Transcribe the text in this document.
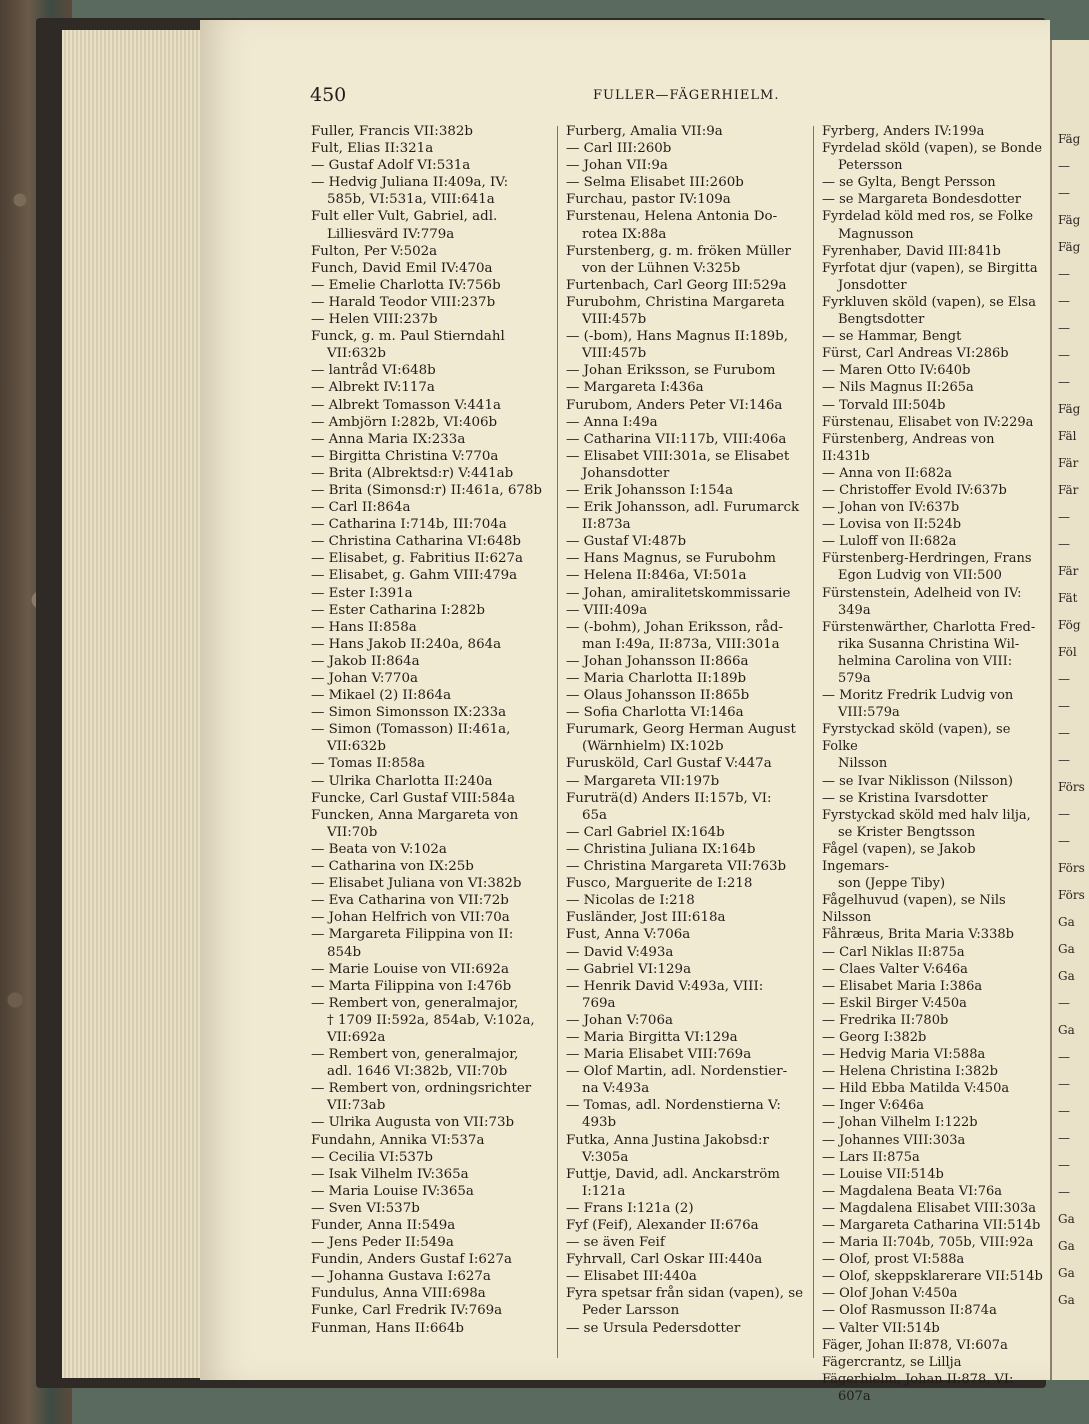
Fäg
—
—
Fäg
Fäg
—
—
—
—
—
Fäg
Fäl
Fär
Fär
—
—
Fär
Fät
Fög
Föl
—
—
—
—
Förs
—
—
Förs
Förs
Ga
Ga
Ga
—
Ga
—
—
—
—
—
—
Ga
Ga
Ga
Ga
450	FULLER—FÄGERHIELM.
Fuller, Francis VII:382b
Fult, Elias II:321a
— Gustaf Adolf VI:531a
— Hedvig Juliana II:409a, IV:
585b, VI:531a, VIII:641a
Fult eller Vult, Gabriel, adl.
Lilliesvärd IV:779a
Fulton, Per V:502a
Funch, David Emil IV:470a
— Emelie Charlotta IV:756b
— Harald Teodor VIII:237b
— Helen VIII:237b
Funck, g. m. Paul Stierndahl
VII:632b
— lantråd VI:648b
— Albrekt IV:117a
— Albrekt Tomasson V:441a
— Ambjörn I:282b, VI:406b
— Anna Maria IX:233a
— Birgitta Christina V:770a
— Brita (Albrektsd:r) V:441ab
— Brita (Simonsd:r) II:461a, 678b
— Carl II:864a
— Catharina I:714b, III:704a
— Christina Catharina VI:648b
— Elisabet, g. Fabritius II:627a
— Elisabet, g. Gahm VIII:479a
— Ester I:391a
— Ester Catharina I:282b
— Hans II:858a
— Hans Jakob II:240a, 864a
— Jakob II:864a
— Johan V:770a
— Mikael (2) II:864a
— Simon Simonsson IX:233a
— Simon (Tomasson) II:461a,
VII:632b
— Tomas II:858a
— Ulrika Charlotta II:240a
Funcke, Carl Gustaf VIII:584a
Funcken, Anna Margareta von
VII:70b
— Beata von V:102a
— Catharina von IX:25b
— Elisabet Juliana von VI:382b
— Eva Catharina von VII:72b
— Johan Helfrich von VII:70a
— Margareta Filippina von II:
854b
— Marie Louise von VII:692a
— Marta Filippina von I:476b
— Rembert von, generalmajor,
† 1709 II:592a, 854ab, V:102a,
VII:692a
— Rembert von, generalmajor,
adl. 1646 VI:382b, VII:70b
— Rembert von, ordningsrichter
VII:73ab
— Ulrika Augusta von VII:73b
Fundahn, Annika VI:537a
— Cecilia VI:537b
— Isak Vilhelm IV:365a
— Maria Louise IV:365a
— Sven VI:537b
Funder, Anna II:549a
— Jens Peder II:549a
Fundin, Anders Gustaf I:627a
— Johanna Gustava I:627a
Fundulus, Anna VIII:698a
Funke, Carl Fredrik IV:769a
Funman, Hans II:664b
Furberg, Amalia VII:9a
— Carl III:260b
— Johan VII:9a
— Selma Elisabet III:260b
Furchau, pastor IV:109a
Furstenau, Helena Antonia Do-
rotea IX:88a
Furstenberg, g. m. fröken Müller
von der Lühnen V:325b
Furtenbach, Carl Georg III:529a
Furubohm, Christina Margareta
VIII:457b
— (-bom), Hans Magnus II:189b,
VIII:457b
— Johan Eriksson, se Furubom
— Margareta I:436a
Furubom, Anders Peter VI:146a
— Anna I:49a
— Catharina VII:117b, VIII:406a
— Elisabet VIII:301a, se Elisabet
Johansdotter
— Erik Johansson I:154a
— Erik Johansson, adl. Furumarck
II:873a
— Gustaf VI:487b
— Hans Magnus, se Furubohm
— Helena II:846a, VI:501a
— Johan, amiralitetskommissarie
— VIII:409a
— (-bohm), Johan Eriksson, råd-
man I:49a, II:873a, VIII:301a
— Johan Johansson II:866a
— Maria Charlotta II:189b
— Olaus Johansson II:865b
— Sofia Charlotta VI:146a
Furumark, Georg Herman August
(Wärnhielm) IX:102b
Furusköld, Carl Gustaf V:447a
— Margareta VII:197b
Furuträ(d) Anders II:157b, VI:
65a
— Carl Gabriel IX:164b
— Christina Juliana IX:164b
— Christina Margareta VII:763b
Fusco, Marguerite de I:218
— Nicolas de I:218
Fusländer, Jost III:618a
Fust, Anna V:706a
— David V:493a
— Gabriel VI:129a
— Henrik David V:493a, VIII:
769a
— Johan V:706a
— Maria Birgitta VI:129a
— Maria Elisabet VIII:769a
— Olof Martin, adl. Nordenstier-
na V:493a
— Tomas, adl. Nordenstierna V:
493b
Futka, Anna Justina Jakobsd:r
V:305a
Futtje, David, adl. Anckarström
I:121a
— Frans I:121a (2)
Fyf (Feif), Alexander II:676a
— se även Feif
Fyhrvall, Carl Oskar III:440a
— Elisabet III:440a
Fyra spetsar från sidan (vapen), se
Peder Larsson
— se Ursula Pedersdotter
Fyrberg, Anders IV:199a
Fyrdelad sköld (vapen), se Bonde
Petersson
— se Gylta, Bengt Persson
— se Margareta Bondesdotter
Fyrdelad köld med ros, se Folke
Magnusson
Fyrenhaber, David III:841b
Fyrfotat djur (vapen), se Birgitta
Jonsdotter
Fyrkluven sköld (vapen), se Elsa
Bengtsdotter
— se Hammar, Bengt
Fürst, Carl Andreas VI:286b
— Maren Otto IV:640b
— Nils Magnus II:265a
— Torvald III:504b
Fürstenau, Elisabet von IV:229a
Fürstenberg, Andreas von II:431b
— Anna von II:682a
— Christoffer Evold IV:637b
— Johan von IV:637b
— Lovisa von II:524b
— Luloff von II:682a
Fürstenberg-Herdringen, Frans
Egon Ludvig von VII:500
Fürstenstein, Adelheid von IV:
349a
Fürstenwärther, Charlotta Fred-
rika Susanna Christina Wil-
helmina Carolina von VIII:
579a
— Moritz Fredrik Ludvig von
VIII:579a
Fyrstyckad sköld (vapen), se Folke
Nilsson
— se Ivar Niklisson (Nilsson)
— se Kristina Ivarsdotter
Fyrstyckad sköld med halv lilja,
se Krister Bengtsson
Fågel (vapen), se Jakob Ingemars-
son (Jeppe Tiby)
Fågelhuvud (vapen), se Nils Nilsson
Fåhræus, Brita Maria V:338b
— Carl Niklas II:875a
— Claes Valter V:646a
— Elisabet Maria I:386a
— Eskil Birger V:450a
— Fredrika II:780b
— Georg I:382b
— Hedvig Maria VI:588a
— Helena Christina I:382b
— Hild Ebba Matilda V:450a
— Inger V:646a
— Johan Vilhelm I:122b
— Johannes VIII:303a
— Lars II:875a
— Louise VII:514b
— Magdalena Beata VI:76a
— Magdalena Elisabet VIII:303a
— Margareta Catharina VII:514b
— Maria II:704b, 705b, VIII:92a
— Olof, prost VI:588a
— Olof, skeppsklarerare VII:514b
— Olof Johan V:450a
— Olof Rasmusson II:874a
— Valter VII:514b
Fäger, Johan II:878, VI:607a
Fägercrantz, se Lillja
Fägerhielm, Johan II:878, VI:
607a
